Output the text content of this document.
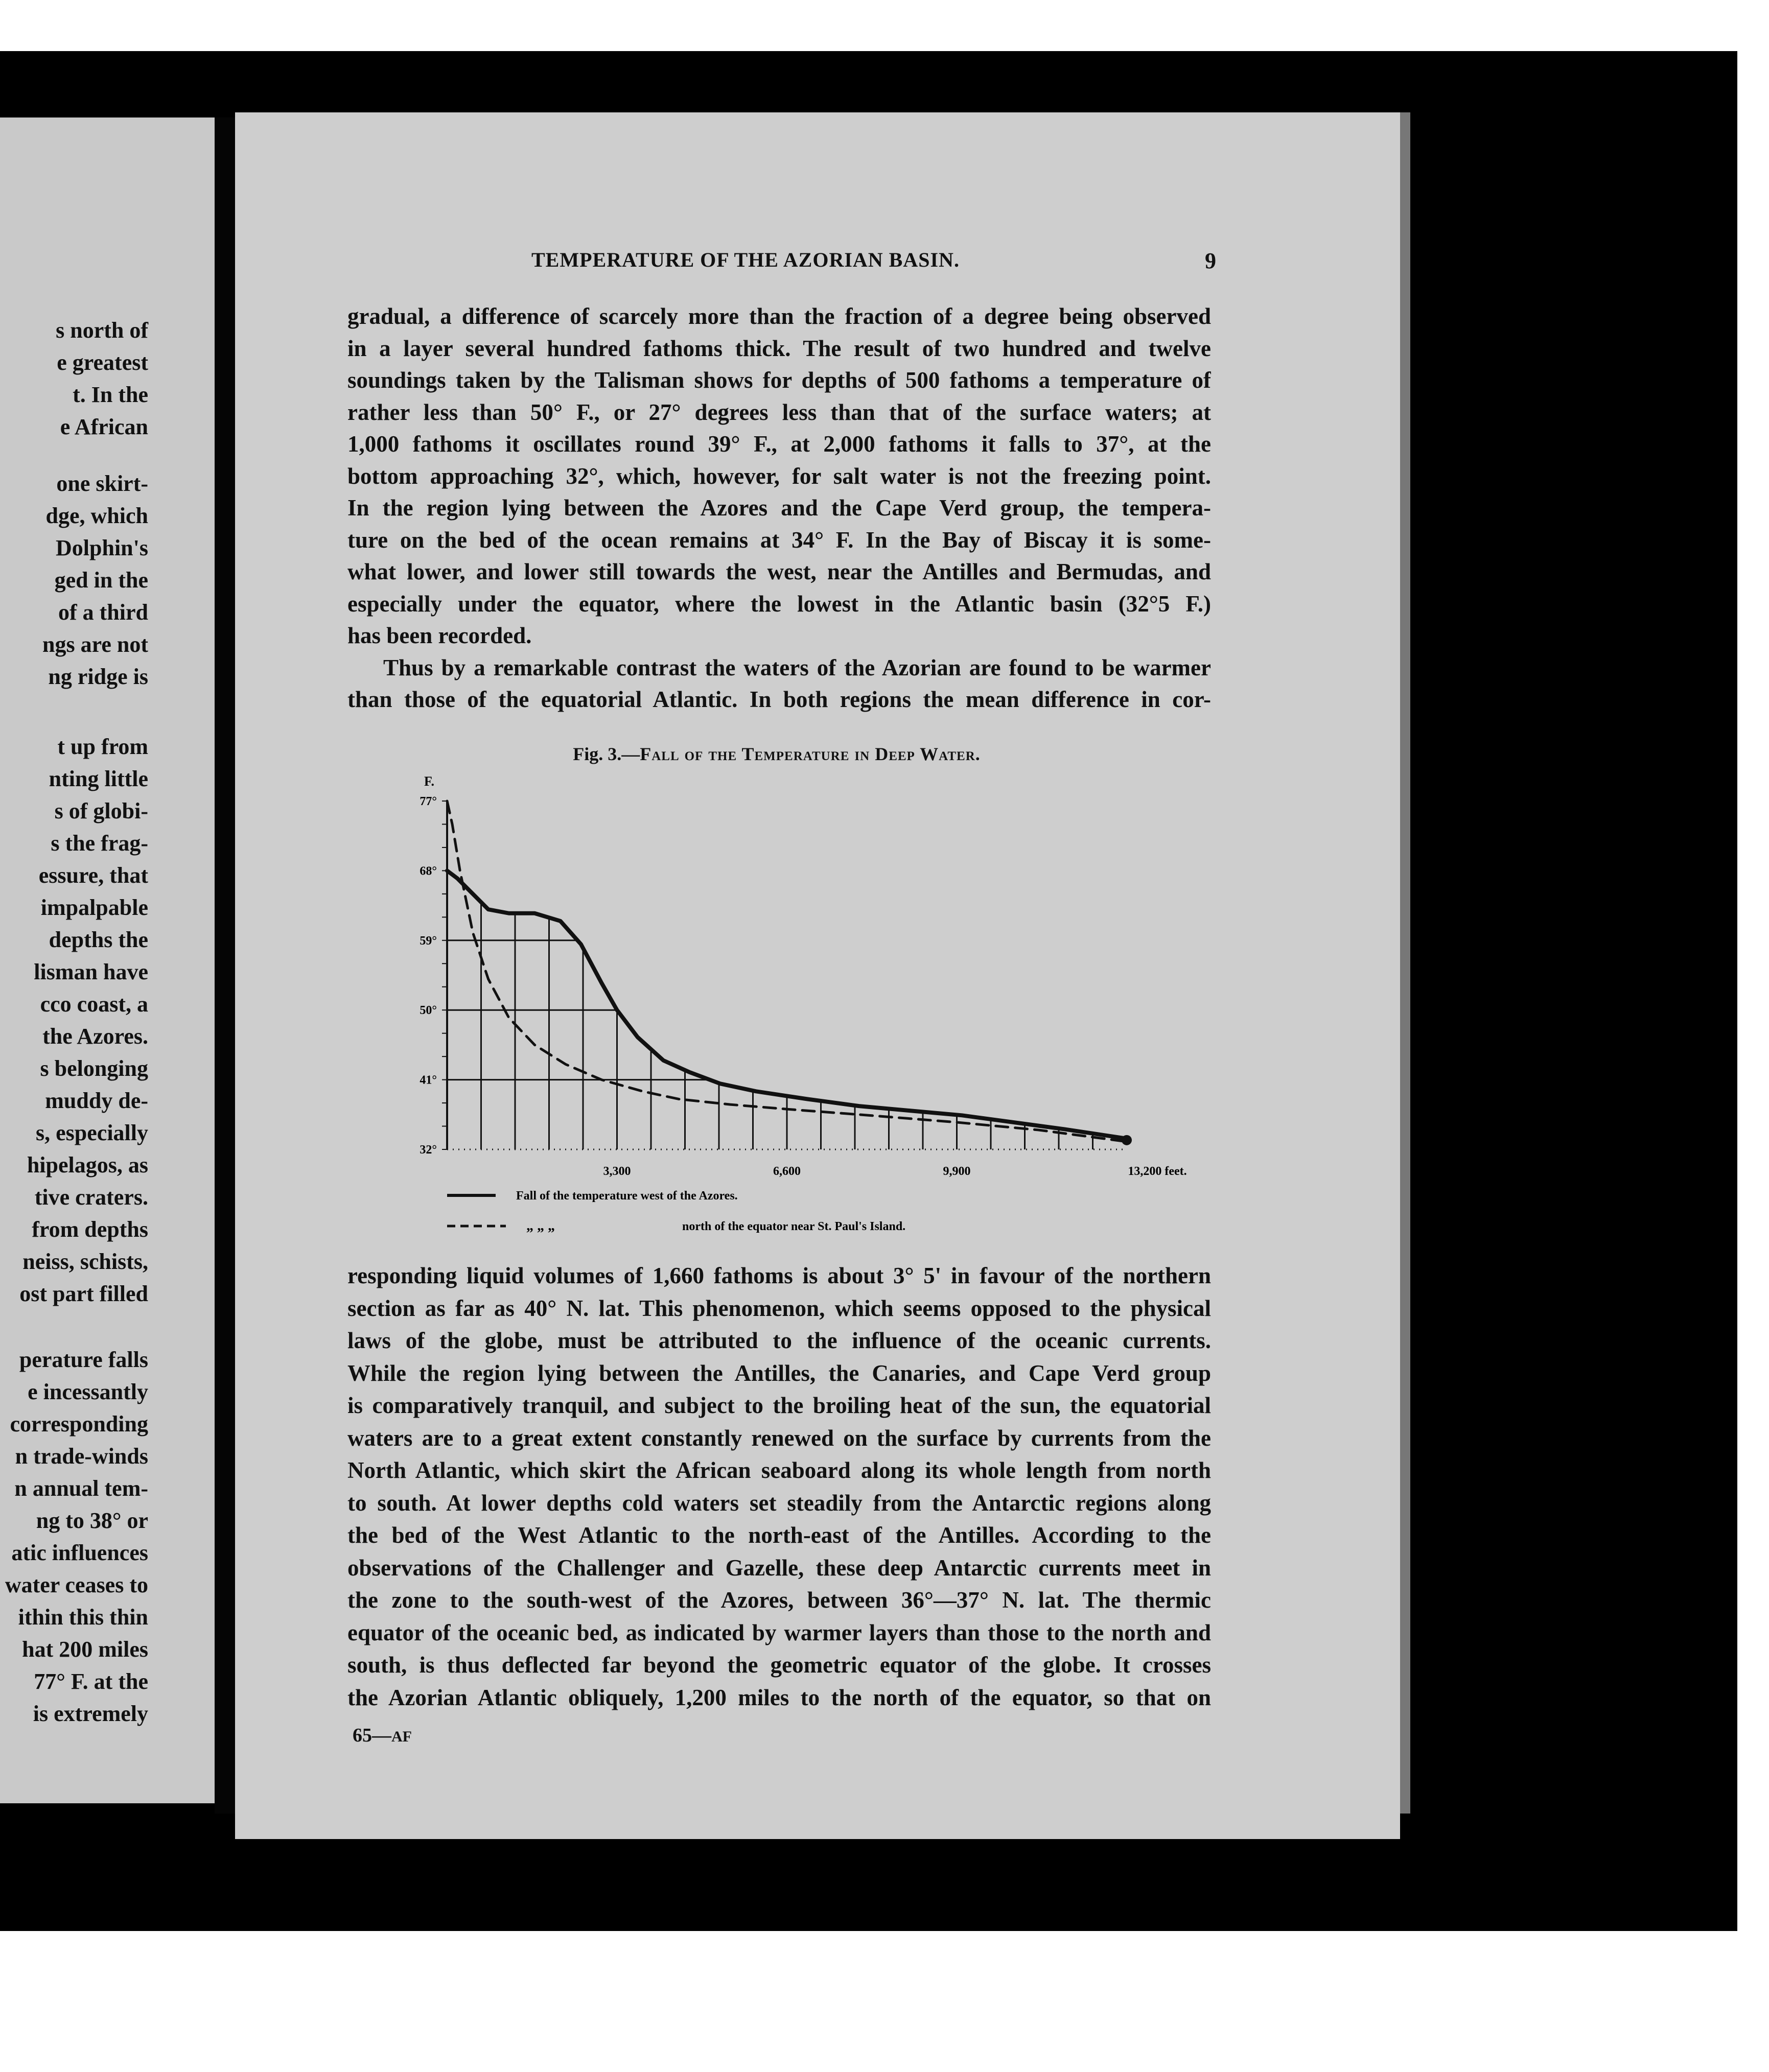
s north of
e greatest
t. In the
e African
one skirt-
dge, which
Dolphin's
ged in the
of a third
ngs are not
ng ridge is
t up from
nting little
s of globi-
s the frag-
essure, that
impalpable
depths the
lisman have
cco coast, a
the Azores.
s belonging
muddy de-
s, especially
hipelagos, as
tive craters.
from depths
neiss, schists,
ost part filled
perature falls
e incessantly
corresponding
n trade-winds
n annual tem-
ng to 38° or
atic influences
water ceases to
ithin this thin
hat 200 miles
77° F. at the
is extremely
TEMPERATURE OF THE AZORIAN BASIN.	9
gradual, a difference of scarcely more than the fraction of a degree being observed
in a layer several hundred fathoms thick. The result of two hundred and twelve
soundings taken by the Talisman shows for depths of 500 fathoms a temperature of
rather less than 50° F., or 27° degrees less than that of the surface waters; at
1,000 fathoms it oscillates round 39° F., at 2,000 fathoms it falls to 37°, at the
bottom approaching 32°, which, however, for salt water is not the freezing point.
In the region lying between the Azores and the Cape Verd group, the tempera-
ture on the bed of the ocean remains at 34° F. In the Bay of Biscay it is some-
what lower, and lower still towards the west, near the Antilles and Bermudas, and
especially under the equator, where the lowest in the Atlantic basin (32°5 F.)
has been recorded.
Thus by a remarkable contrast the waters of the Azorian are found to be warmer
than those of the equatorial Atlantic. In both regions the mean difference in cor-
Fig. 3.—Fall of the Temperature in Deep Water.
F.
77°
68°
59°
50°
41°
32°
3,300	6,600	9,900	13,200 feet.
Fall of the temperature west of the Azores.
„ „ „	north of the equator near St. Paul's Island.
responding liquid volumes of 1,660 fathoms is about 3° 5' in favour of the northern
section as far as 40° N. lat. This phenomenon, which seems opposed to the physical
laws of the globe, must be attributed to the influence of the oceanic currents.
While the region lying between the Antilles, the Canaries, and Cape Verd group
is comparatively tranquil, and subject to the broiling heat of the sun, the equatorial
waters are to a great extent constantly renewed on the surface by currents from the
North Atlantic, which skirt the African seaboard along its whole length from north
to south. At lower depths cold waters set steadily from the Antarctic regions along
the bed of the West Atlantic to the north-east of the Antilles. According to the
observations of the Challenger and Gazelle, these deep Antarctic currents meet in
the zone to the south-west of the Azores, between 36°—37° N. lat. The thermic
equator of the oceanic bed, as indicated by warmer layers than those to the north and
south, is thus deflected far beyond the geometric equator of the globe. It crosses
the Azorian Atlantic obliquely, 1,200 miles to the north of the equator, so that on
65—AF
